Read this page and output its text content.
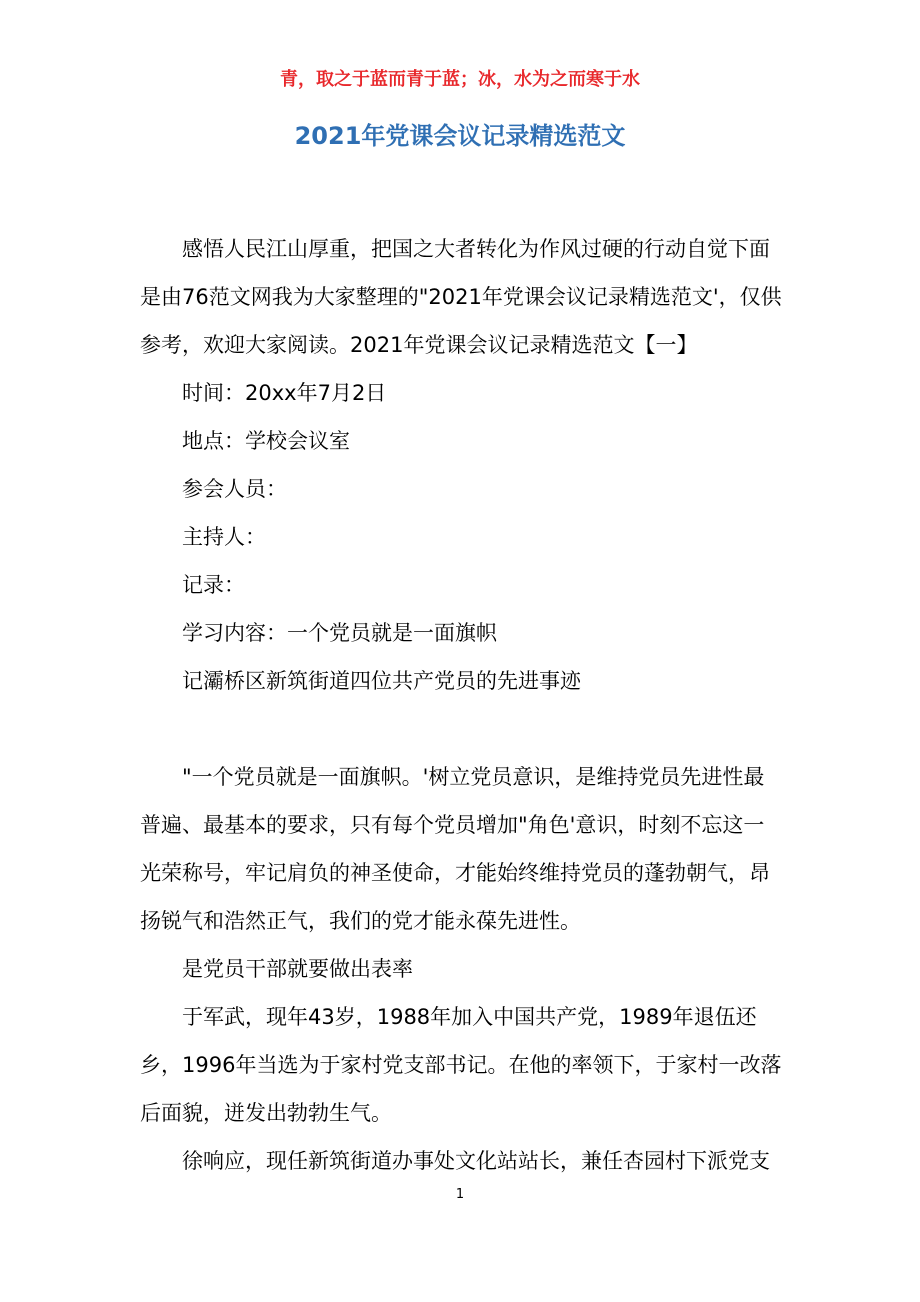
青，取之于蓝而青于蓝；冰，水为之而寒于水
2021年党课会议记录精选范文

感悟人民江山厚重，把国之大者转化为作风过硬的行动自觉下面是由76范文网我为大家整理的"2021年党课会议记录精选范文'，仅供参考，欢迎大家阅读。2021年党课会议记录精选范文【一】

时间：20xx年7月2日

地点：学校会议室

参会人员：

主持人：

记录：

学习内容：一个党员就是一面旗帜

记灞桥区新筑街道四位共产党员的先进事迹

"一个党员就是一面旗帜。'树立党员意识，是维持党员先进性最普遍、最基本的要求，只有每个党员增加"角色'意识，时刻不忘这一光荣称号，牢记肩负的神圣使命，才能始终维持党员的蓬勃朝气，昂扬锐气和浩然正气，我们的党才能永葆先进性。

是党员干部就要做出表率

于军武，现年43岁，1988年加入中国共产党，1989年退伍还乡，1996年当选为于家村党支部书记。在他的率领下，于家村一改落后面貌，迸发出勃勃生气。

徐响应，现任新筑街道办事处文化站站长，兼任杏园村下派党支

1
